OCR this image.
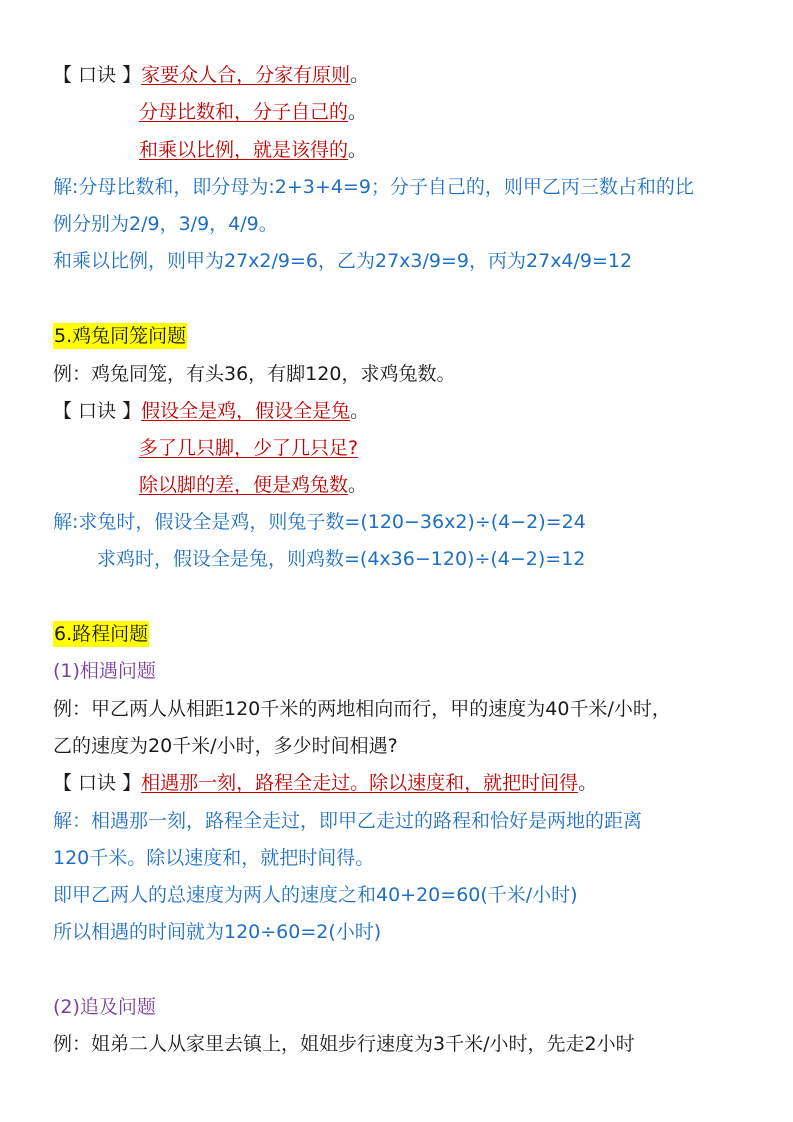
【 口诀 】家要众人合，分家有原则。
分母比数和，分子自己的。
和乘以比例，就是该得的。
解:分母比数和，即分母为:2+3+4=9；分子自己的，则甲乙丙三数占和的比
例分别为2/9，3/9，4/9。
和乘以比例，则甲为27x2/9=6，乙为27x3/9=9，丙为27x4/9=12
5.鸡兔同笼问题
例：鸡兔同笼，有头36，有脚120，求鸡兔数。
【 口诀 】假设全是鸡，假设全是兔。
多了几只脚，少了几只足?
除以脚的差，便是鸡兔数。
解:求兔时，假设全是鸡，则兔子数=(120−36x2)÷(4−2)=24
求鸡时，假设全是兔，则鸡数=(4x36−120)÷(4−2)=12
6.路程问题
(1)相遇问题
例：甲乙两人从相距120千米的两地相向而行，甲的速度为40千米/小时，
乙的速度为20千米/小时，多少时间相遇?
【 口诀 】相遇那一刻，路程全走过。除以速度和，就把时间得。
解：相遇那一刻，路程全走过，即甲乙走过的路程和恰好是两地的距离
120千米。除以速度和，就把时间得。
即甲乙两人的总速度为两人的速度之和40+20=60(千米/小时)
所以相遇的时间就为120÷60=2(小时)
(2)追及问题
例：姐弟二人从家里去镇上，姐姐步行速度为3千米/小时，先走2小时
